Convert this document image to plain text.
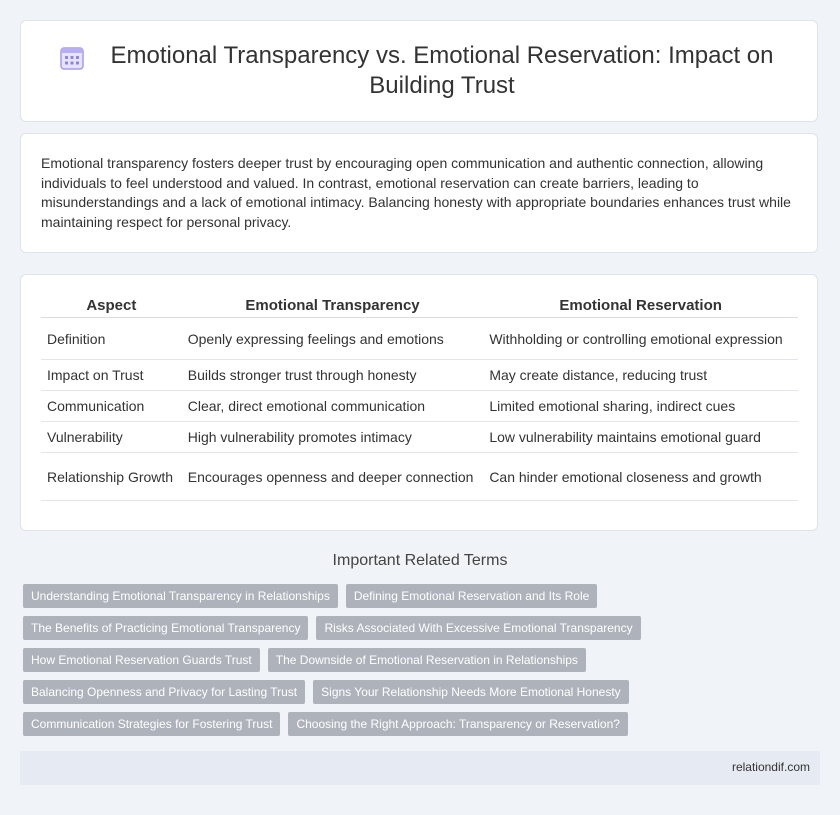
Emotional Transparency vs. Emotional Reservation: Impact on Building Trust

Emotional transparency fosters deeper trust by encouraging open communication and authentic connection, allowing individuals to feel understood and valued. In contrast, emotional reservation can create barriers, leading to misunderstandings and a lack of emotional intimacy. Balancing honesty with appropriate boundaries enhances trust while maintaining respect for personal privacy.

Aspect	Emotional Transparency	Emotional Reservation
Definition	Openly expressing feelings and emotions	Withholding or controlling emotional expression
Impact on Trust	Builds stronger trust through honesty	May create distance, reducing trust
Communication	Clear, direct emotional communication	Limited emotional sharing, indirect cues
Vulnerability	High vulnerability promotes intimacy	Low vulnerability maintains emotional guard
Relationship Growth	Encourages openness and deeper connection	Can hinder emotional closeness and growth
Important Related Terms
Understanding Emotional Transparency in Relationships	Defining Emotional Reservation and Its Role
The Benefits of Practicing Emotional Transparency	Risks Associated With Excessive Emotional Transparency
How Emotional Reservation Guards Trust	The Downside of Emotional Reservation in Relationships
Balancing Openness and Privacy for Lasting Trust	Signs Your Relationship Needs More Emotional Honesty
Communication Strategies for Fostering Trust	Choosing the Right Approach: Transparency or Reservation?
relationdif.com
